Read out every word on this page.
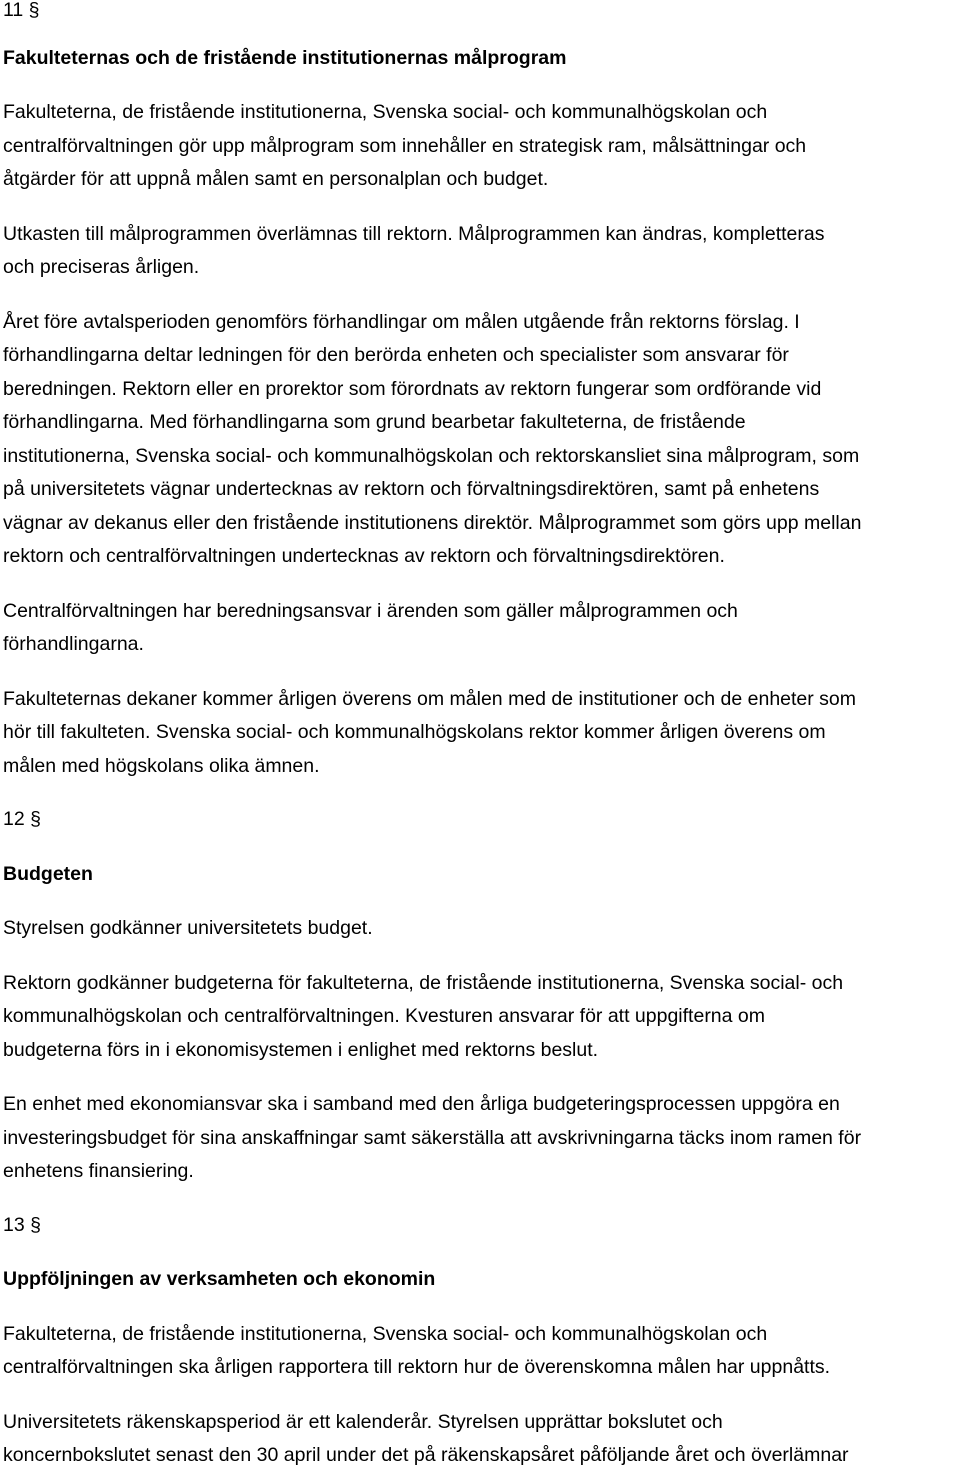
11 §
Fakulteternas och de fristående institutionernas målprogram
Fakulteterna, de fristående institutionerna, Svenska social- och kommunalhögskolan och
centralförvaltningen gör upp målprogram som innehåller en strategisk ram, målsättningar och
åtgärder för att uppnå målen samt en personalplan och budget.
Utkasten till målprogrammen överlämnas till rektorn. Målprogrammen kan ändras, kompletteras
och preciseras årligen.
Året före avtalsperioden genomförs förhandlingar om målen utgående från rektorns förslag. I
förhandlingarna deltar ledningen för den berörda enheten och specialister som ansvarar för
beredningen. Rektorn eller en prorektor som förordnats av rektorn fungerar som ordförande vid
förhandlingarna. Med förhandlingarna som grund bearbetar fakulteterna, de fristående
institutionerna, Svenska social- och kommunalhögskolan och rektorskansliet sina målprogram, som
på universitetets vägnar undertecknas av rektorn och förvaltningsdirektören, samt på enhetens
vägnar av dekanus eller den fristående institutionens direktör. Målprogrammet som görs upp mellan
rektorn och centralförvaltningen undertecknas av rektorn och förvaltningsdirektören.
Centralförvaltningen har beredningsansvar i ärenden som gäller målprogrammen och
förhandlingarna.
Fakulteternas dekaner kommer årligen överens om målen med de institutioner och de enheter som
hör till fakulteten. Svenska social- och kommunalhögskolans rektor kommer årligen överens om
målen med högskolans olika ämnen.
12 §
Budgeten
Styrelsen godkänner universitetets budget.
Rektorn godkänner budgeterna för fakulteterna, de fristående institutionerna, Svenska social- och
kommunalhögskolan och centralförvaltningen. Kvesturen ansvarar för att uppgifterna om
budgeterna förs in i ekonomisystemen i enlighet med rektorns beslut.
En enhet med ekonomiansvar ska i samband med den årliga budgeteringsprocessen uppgöra en
investeringsbudget för sina anskaffningar samt säkerställa att avskrivningarna täcks inom ramen för
enhetens finansiering.
13 §
Uppföljningen av verksamheten och ekonomin
Fakulteterna, de fristående institutionerna, Svenska social- och kommunalhögskolan och
centralförvaltningen ska årligen rapportera till rektorn hur de överenskomna målen har uppnåtts.
Universitetets räkenskapsperiod är ett kalenderår. Styrelsen upprättar bokslutet och
koncernbokslutet senast den 30 april under det på räkenskapsåret påföljande året och överlämnar
